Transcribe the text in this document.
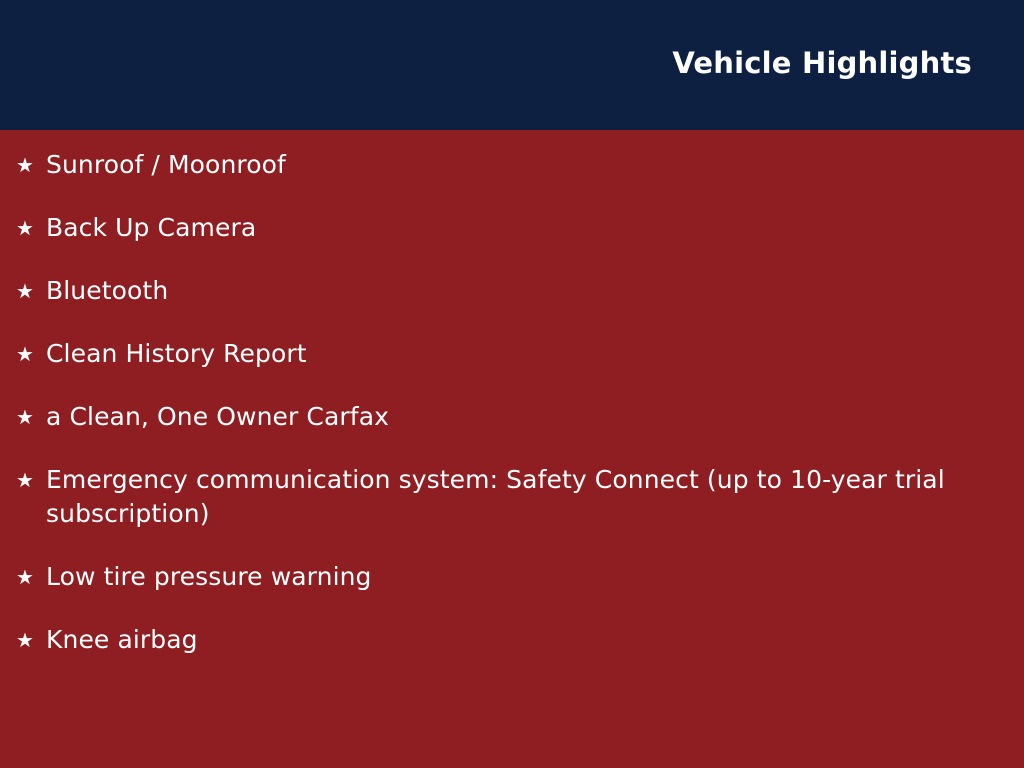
Vehicle Highlights
★ Sunroof / Moonroof
★ Back Up Camera
★ Bluetooth
★ Clean History Report
★ a Clean, One Owner Carfax
★ Emergency communication system: Safety Connect (up to 10-year trial subscription)
★ Low tire pressure warning
★ Knee airbag
